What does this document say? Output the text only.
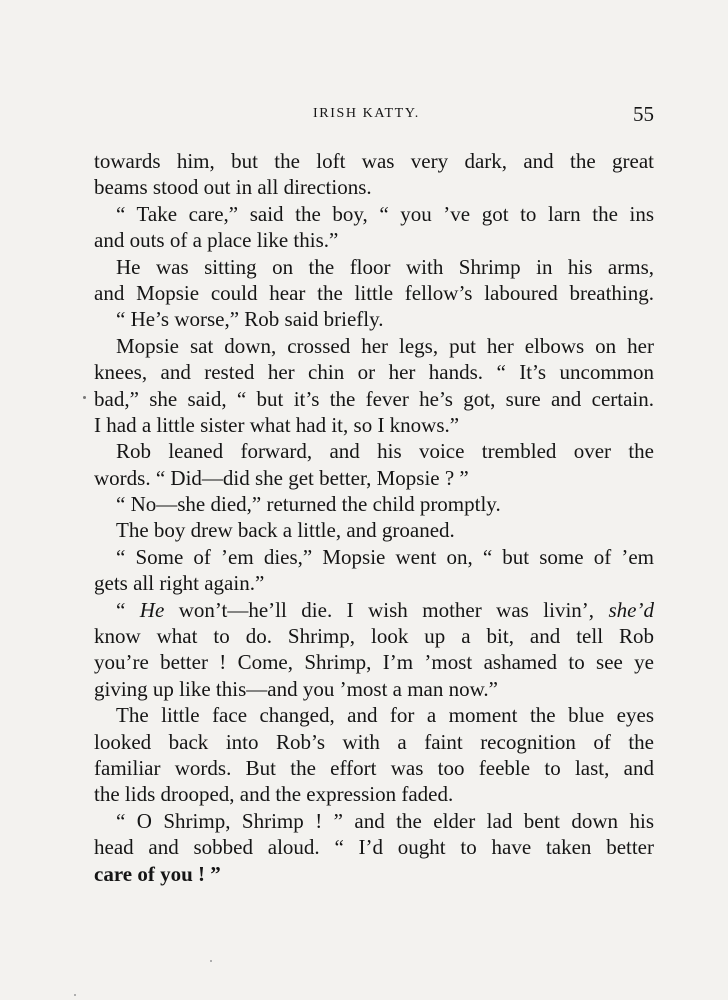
IRISH KATTY.	55
towards him, but the loft was very dark, and the great
beams stood out in all directions.
“ Take care,” said the boy, “ you ’ve got to larn the ins
and outs of a place like this.”
He was sitting on the floor with Shrimp in his arms,
and Mopsie could hear the little fellow’s laboured breathing.
“ He’s worse,” Rob said briefly.
Mopsie sat down, crossed her legs, put her elbows on her
knees, and rested her chin or her hands. “ It’s uncommon
bad,” she said, “ but it’s the fever he’s got, sure and certain.
I had a little sister what had it, so I knows.”
Rob leaned forward, and his voice trembled over the
words. “ Did—did she get better, Mopsie ? ”
“ No—she died,” returned the child promptly.
The boy drew back a little, and groaned.
“ Some of ’em dies,” Mopsie went on, “ but some of ’em
gets all right again.”
“ He won’t—he’ll die. I wish mother was livin’, she’d
know what to do. Shrimp, look up a bit, and tell Rob
you’re better ! Come, Shrimp, I’m ’most ashamed to see ye
giving up like this—and you ’most a man now.”
The little face changed, and for a moment the blue eyes
looked back into Rob’s with a faint recognition of the
familiar words. But the effort was too feeble to last, and
the lids drooped, and the expression faded.
“ O Shrimp, Shrimp ! ” and the elder lad bent down his
head and sobbed aloud. “ I’d ought to have taken better
care of you ! ”
